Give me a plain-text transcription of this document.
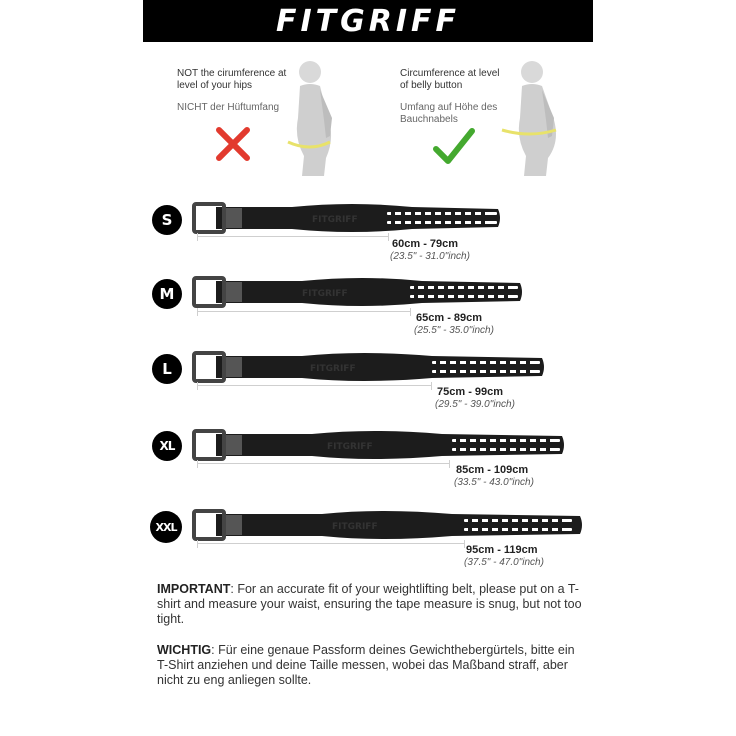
FITGRIFF
NOT the cirumference at level of your hips
NICHT der Hüftumfang
Circumference at level of belly button
Umfang auf Höhe des Bauchnabels
S	FITGRIFF
60cm - 79cm
(23.5" - 31.0"inch)
M	FITGRIFF
65cm - 89cm
(25.5" - 35.0"inch)
L	FITGRIFF
75cm - 99cm
(29.5" - 39.0"inch)
XL	FITGRIFF
85cm - 109cm
(33.5" - 43.0"inch)
XXL	FITGRIFF
95cm - 119cm
(37.5" - 47.0"inch)
IMPORTANT: For an accurate fit of your weightlifting belt, please put on a T-shirt and measure your waist, ensuring the tape measure is snug, but not too tight.
WICHTIG: Für eine genaue Passform deines Gewichthebergürtels, bitte ein T-Shirt anziehen und deine Taille messen, wobei das Maßband straff, aber nicht zu eng anliegen sollte.
